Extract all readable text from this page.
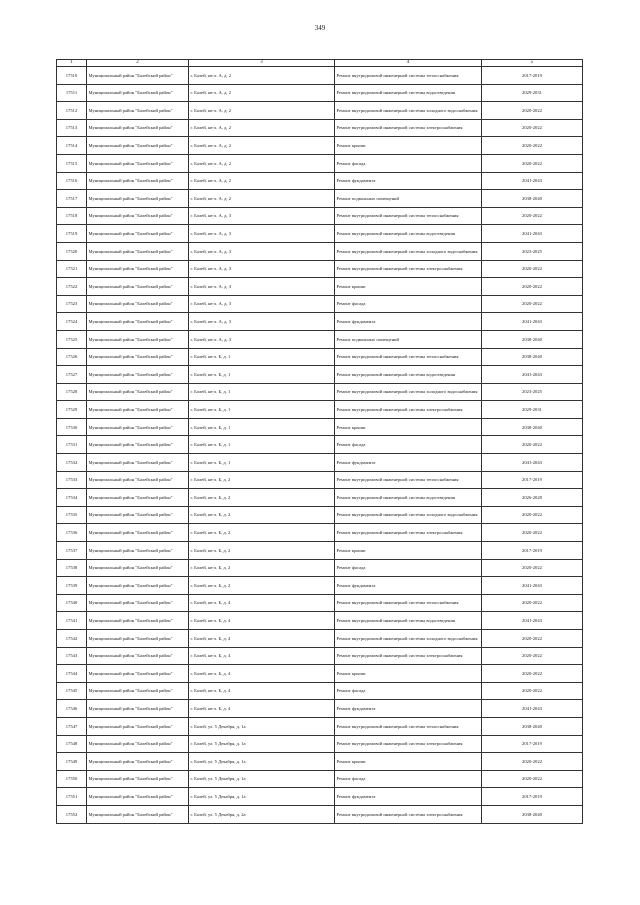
349
1	2	3	4	5
17510	Муниципальный район "Балейский район"	г. Балей, кв-л. А, д. 2	Ремонт внутридомовой инженерной системы теплоснабжения	2017-2019
17511	Муниципальный район "Балейский район"	г. Балей, кв-л. А, д. 2	Ремонт внутридомовой инженерной системы водоотведения	2029-2031
17512	Муниципальный район "Балейский район"	г. Балей, кв-л. А, д. 2	Ремонт внутридомовой инженерной системы холодного водоснабжения	2020-2022
17513	Муниципальный район "Балейский район"	г. Балей, кв-л. А, д. 2	Ремонт внутридомовой инженерной системы электроснабжения	2020-2022
17514	Муниципальный район "Балейский район"	г. Балей, кв-л. А, д. 2	Ремонт крыши	2020-2022
17515	Муниципальный район "Балейский район"	г. Балей, кв-л. А, д. 2	Ремонт фасада	2020-2022
17516	Муниципальный район "Балейский район"	г. Балей, кв-л. А, д. 2	Ремонт фундамента	2041-2043
17517	Муниципальный район "Балейский район"	г. Балей, кв-л. А, д. 2	Ремонт подвальных помещений	2038-2040
17518	Муниципальный район "Балейский район"	г. Балей, кв-л. А, д. 3	Ремонт внутридомовой инженерной системы теплоснабжения	2020-2022
17519	Муниципальный район "Балейский район"	г. Балей, кв-л. А, д. 3	Ремонт внутридомовой инженерной системы водоотведения	2041-2043
17520	Муниципальный район "Балейский район"	г. Балей, кв-л. А, д. 3	Ремонт внутридомовой инженерной системы холодного водоснабжения	2023-2025
17521	Муниципальный район "Балейский район"	г. Балей, кв-л. А, д. 3	Ремонт внутридомовой инженерной системы электроснабжения	2020-2022
17522	Муниципальный район "Балейский район"	г. Балей, кв-л. А, д. 3	Ремонт крыши	2020-2022
17523	Муниципальный район "Балейский район"	г. Балей, кв-л. А, д. 3	Ремонт фасада	2020-2022
17524	Муниципальный район "Балейский район"	г. Балей, кв-л. А, д. 3	Ремонт фундамента	2041-2043
17525	Муниципальный район "Балейский район"	г. Балей, кв-л. А, д. 3	Ремонт подвальных помещений	2038-2040
17526	Муниципальный район "Балейский район"	г. Балей, кв-л. Б, д. 1	Ремонт внутридомовой инженерной системы теплоснабжения	2038-2040
17527	Муниципальный район "Балейский район"	г. Балей, кв-л. Б, д. 1	Ремонт внутридомовой инженерной системы водоотведения	2041-2043
17528	Муниципальный район "Балейский район"	г. Балей, кв-л. Б, д. 1	Ремонт внутридомовой инженерной системы холодного водоснабжения	2023-2025
17529	Муниципальный район "Балейский район"	г. Балей, кв-л. Б, д. 1	Ремонт внутридомовой инженерной системы электроснабжения	2029-2031
17530	Муниципальный район "Балейский район"	г. Балей, кв-л. Б, д. 1	Ремонт крыши	2038-2040
17531	Муниципальный район "Балейский район"	г. Балей, кв-л. Б, д. 1	Ремонт фасада	2020-2022
17532	Муниципальный район "Балейский район"	г. Балей, кв-л. Б, д. 1	Ремонт фундамента	2041-2043
17533	Муниципальный район "Балейский район"	г. Балей, кв-л. Б, д. 2	Ремонт внутридомовой инженерной системы теплоснабжения	2017-2019
17534	Муниципальный район "Балейский район"	г. Балей, кв-л. Б, д. 2	Ремонт внутридомовой инженерной системы водоотведения	2026-2028
17535	Муниципальный район "Балейский район"	г. Балей, кв-л. Б, д. 2	Ремонт внутридомовой инженерной системы холодного водоснабжения	2020-2022
17536	Муниципальный район "Балейский район"	г. Балей, кв-л. Б, д. 2	Ремонт внутридомовой инженерной системы электроснабжения	2020-2022
17537	Муниципальный район "Балейский район"	г. Балей, кв-л. Б, д. 2	Ремонт крыши	2017-2019
17538	Муниципальный район "Балейский район"	г. Балей, кв-л. Б, д. 2	Ремонт фасада	2020-2022
17539	Муниципальный район "Балейский район"	г. Балей, кв-л. Б, д. 2	Ремонт фундамента	2041-2043
17540	Муниципальный район "Балейский район"	г. Балей, кв-л. Б, д. 4	Ремонт внутридомовой инженерной системы теплоснабжения	2020-2022
17541	Муниципальный район "Балейский район"	г. Балей, кв-л. Б, д. 4	Ремонт внутридомовой инженерной системы водоотведения	2041-2043
17542	Муниципальный район "Балейский район"	г. Балей, кв-л. Б, д. 4	Ремонт внутридомовой инженерной системы холодного водоснабжения	2020-2022
17543	Муниципальный район "Балейский район"	г. Балей, кв-л. Б, д. 4	Ремонт внутридомовой инженерной системы электроснабжения	2020-2022
17544	Муниципальный район "Балейский район"	г. Балей, кв-л. Б, д. 4	Ремонт крыши	2020-2022
17545	Муниципальный район "Балейский район"	г. Балей, кв-л. Б, д. 4	Ремонт фасада	2020-2022
17546	Муниципальный район "Балейский район"	г. Балей, кв-л. Б, д. 4	Ремонт фундамента	2041-2043
17547	Муниципальный район "Балейский район"	г. Балей, ул. 5 Декабря, д. 1а	Ремонт внутридомовой инженерной системы теплоснабжения	2038-2040
17548	Муниципальный район "Балейский район"	г. Балей, ул. 5 Декабря, д. 1а	Ремонт внутридомовой инженерной системы электроснабжения	2017-2019
17549	Муниципальный район "Балейский район"	г. Балей, ул. 5 Декабря, д. 1а	Ремонт крыши	2020-2022
17550	Муниципальный район "Балейский район"	г. Балей, ул. 5 Декабря, д. 1а	Ремонт фасада	2020-2022
17551	Муниципальный район "Балейский район"	г. Балей, ул. 5 Декабря, д. 1а	Ремонт фундамента	2017-2019
17552	Муниципальный район "Балейский район"	г. Балей, ул. 5 Декабря, д. 2а	Ремонт внутридомовой инженерной системы электроснабжения	2038-2040
